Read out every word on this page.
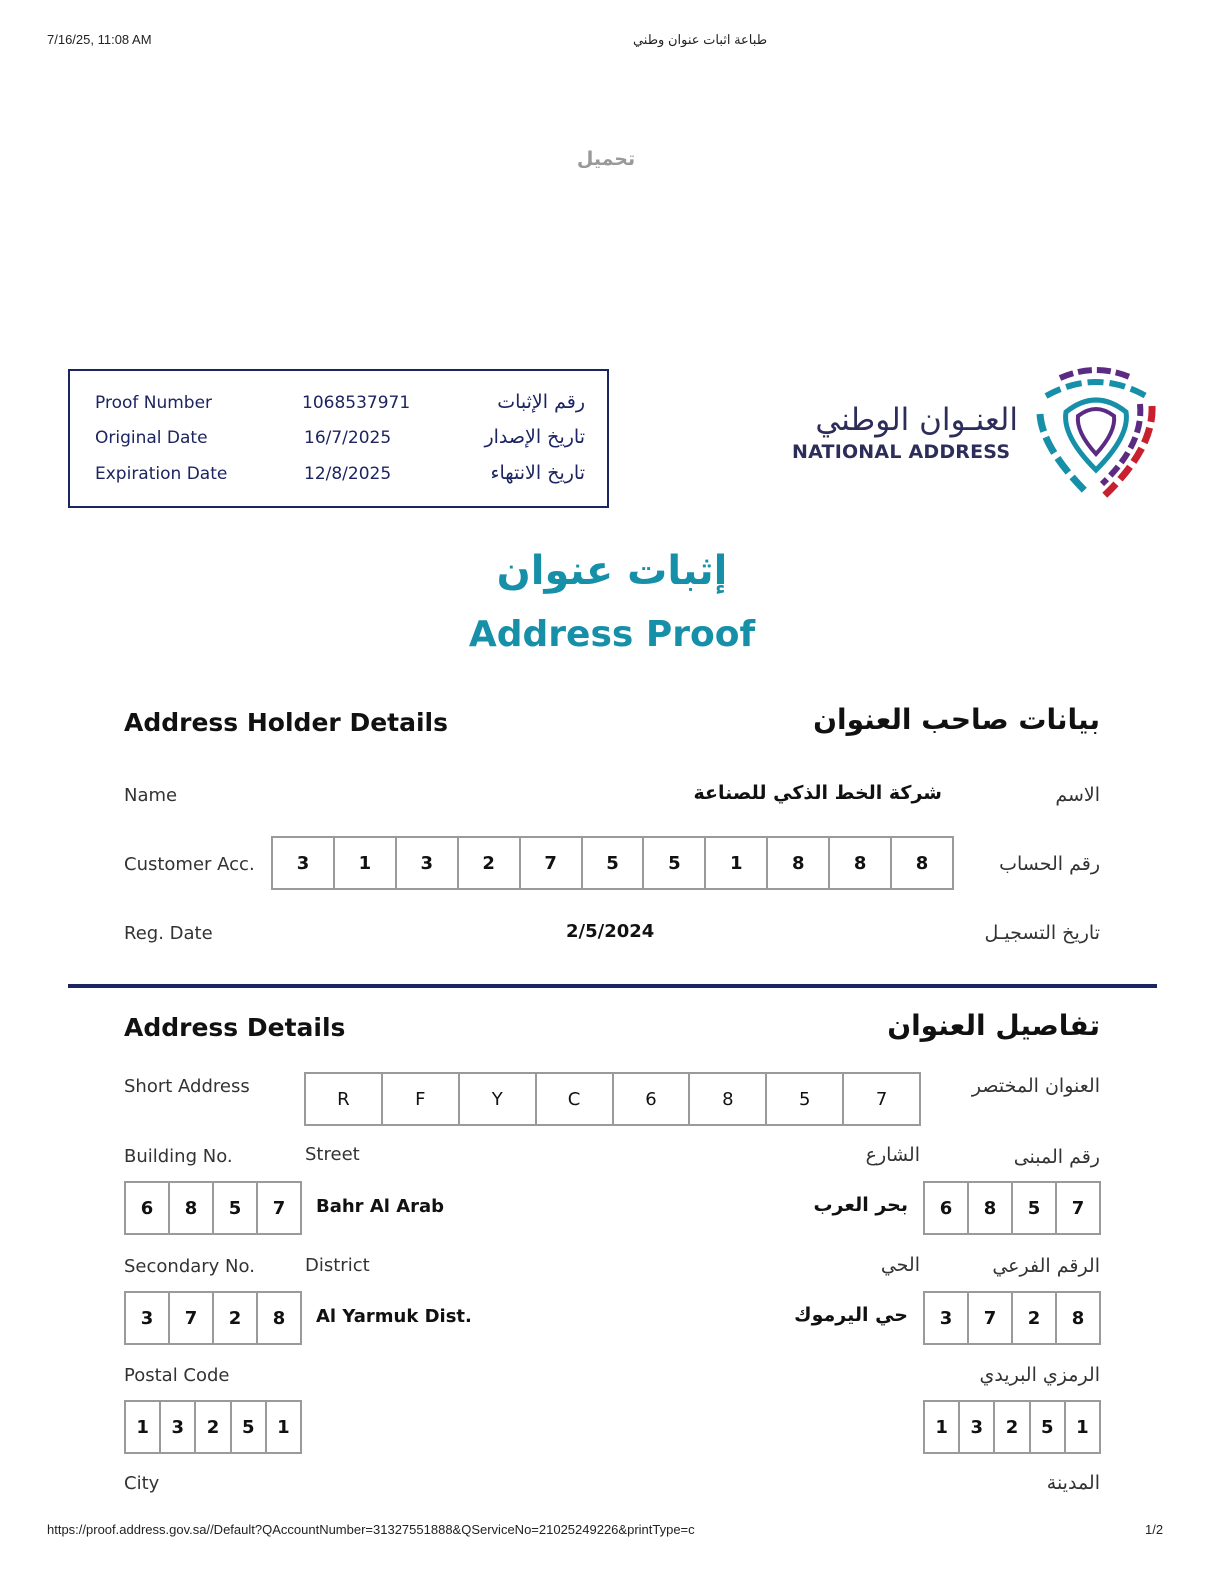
7/16/25, 11:08 AM	طباعة اثبات عنوان وطني
تحميل
Proof Number	1068537971	رقم الإثبات
Original Date	16/7/2025	تاريخ الإصدار
Expiration Date	12/8/2025	تاريخ الانتهاء
العنـوان الوطني
NATIONAL ADDRESS
إثبات عنوان
Address Proof
Address Holder Details	بيانات صاحب العنوان
Name	شركة الخط الذكي للصناعة	الاسم
Customer Acc.	3	1	3	2	7	5	5	1	8	8	8	رقم الحساب
Reg. Date	2/5/2024	تاريخ التسجيـل
Address Details	تفاصيل العنوان
Short Address
R	F	Y	C	6	8	5	7
العنوان المختصر
Building No.	Street	الشارع	رقم المبنى
6	8	5	7	Bahr Al Arab	بحر العرب	6	8	5	7
Secondary No.	District	الحي	الرقم الفرعي
3	7	2	8	Al Yarmuk Dist.	حي اليرموك	3	7	2	8
Postal Code	الرمزي البريدي
1	3	2	5	1	1	3	2	5	1
City	المدينة
https://proof.address.gov.sa//Default?QAccountNumber=31327551888&QServiceNo=21025249226&printType=c	1/2
